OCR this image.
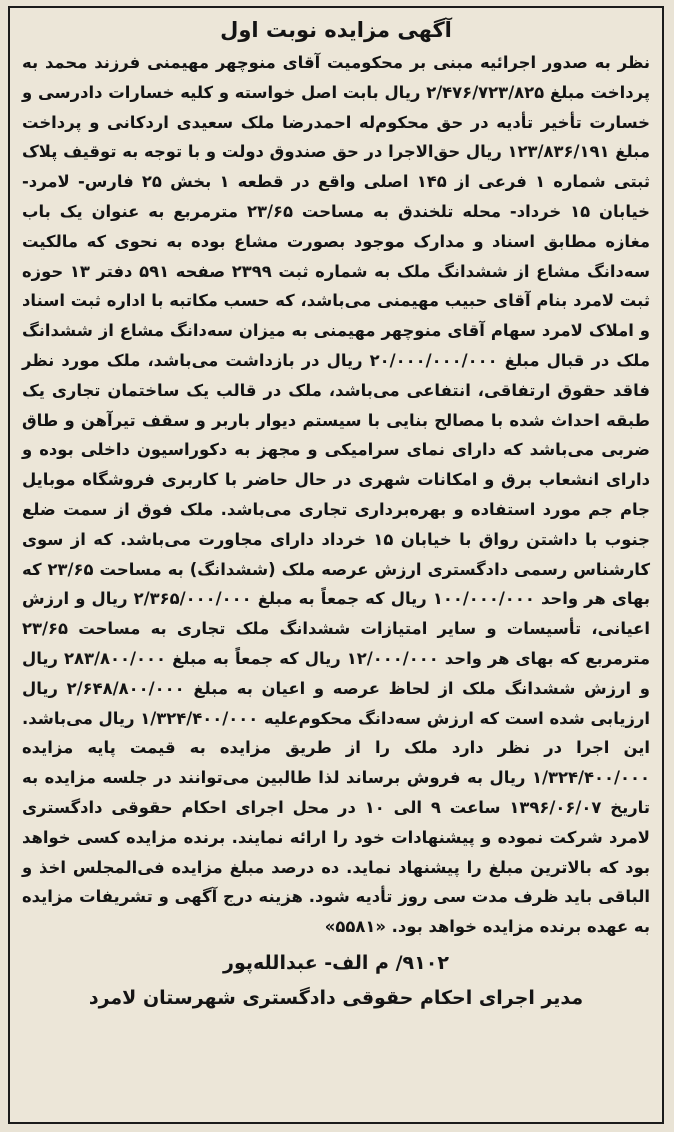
آگهی مزایده نوبت اول

نظر به صدور اجرائیه مبنی بر محکومیت آقای منوچهر مهیمنی فرزند محمد به پرداخت مبلغ ۲/۴۷۶/۷۲۳/۸۲۵ ریال بابت اصل خواسته و کلیه خسارات دادرسی و خسارت تأخیر تأدیه در حق محکوم‌له احمدرضا ملک سعیدی اردکانی و پرداخت مبلغ ۱۲۳/۸۳۶/۱۹۱ ریال حق‌الاجرا در حق صندوق دولت و با توجه به توقیف پلاک ثبتی شماره ۱ فرعی از ۱۴۵ اصلی واقع در قطعه ۱ بخش ۲۵ فارس- لامرد- خیابان ۱۵ خرداد- محله تلخندق به مساحت ۲۳/۶۵ مترمربع به عنوان یک باب مغازه مطابق اسناد و مدارک موجود بصورت مشاع بوده به نحوی که مالکیت سه‌دانگ مشاع از ششدانگ ملک به شماره ثبت ۲۳۹۹ صفحه ۵۹۱ دفتر ۱۳ حوزه ثبت لامرد بنام آقای حبیب مهیمنی می‌باشد، که حسب مکاتبه با اداره ثبت اسناد و املاک لامرد سهام آقای منوچهر مهیمنی به میزان سه‌دانگ مشاع از ششدانگ ملک در قبال مبلغ ۲۰/۰۰۰/۰۰۰/۰۰۰ ریال در بازداشت می‌باشد، ملک مورد نظر فاقد حقوق ارتفاقی، انتفاعی می‌باشد، ملک در قالب یک ساختمان تجاری یک طبقه احداث شده با مصالح بنایی با سیستم دیوار باربر و سقف تیرآهن و طاق ضربی می‌باشد که دارای نمای سرامیکی و مجهز به دکوراسیون داخلی بوده و دارای انشعاب برق و امکانات شهری در حال حاضر با کاربری فروشگاه موبایل جام جم مورد استفاده و بهره‌برداری تجاری می‌باشد. ملک فوق از سمت ضلع جنوب با داشتن رواق با خیابان ۱۵ خرداد دارای مجاورت می‌باشد. که از سوی کارشناس رسمی دادگستری ارزش عرصه ملک (ششدانگ) به مساحت ۲۳/۶۵ که بهای هر واحد ۱۰۰/۰۰۰/۰۰۰ ریال که جمعاً به مبلغ ۲/۳۶۵/۰۰۰/۰۰۰ ریال و ارزش اعیانی، تأسیسات و سایر امتیازات ششدانگ ملک تجاری به مساحت ۲۳/۶۵ مترمربع که بهای هر واحد ۱۲/۰۰۰/۰۰۰ ریال که جمعاً به مبلغ ۲۸۳/۸۰۰/۰۰۰ ریال و ارزش ششدانگ ملک از لحاظ عرصه و اعیان به مبلغ ۲/۶۴۸/۸۰۰/۰۰۰ ریال ارزیابی شده است که ارزش سه‌دانگ محکوم‌علیه ۱/۳۲۴/۴۰۰/۰۰۰ ریال می‌باشد. این اجرا در نظر دارد ملک را از طریق مزایده به قیمت پایه مزایده ۱/۳۲۴/۴۰۰/۰۰۰ ریال به فروش برساند لذا طالبین می‌توانند در جلسه مزایده به تاریخ ۱۳۹۶/۰۶/۰۷ ساعت ۹ الی ۱۰ در محل اجرای احکام حقوقی دادگستری لامرد شرکت نموده و پیشنهادات خود را ارائه نمایند. برنده مزایده کسی خواهد بود که بالاترین مبلغ را پیشنهاد نماید. ده درصد مبلغ مزایده فی‌المجلس اخذ و الباقی باید ظرف مدت سی روز تأدیه شود. هزینه درج آگهی و تشریفات مزایده به عهده برنده مزایده خواهد بود. «۵۵۸۱»

۹۱۰۲/ م الف- عبدالله‌پور
مدیر اجرای احکام حقوقی دادگستری شهرستان لامرد
